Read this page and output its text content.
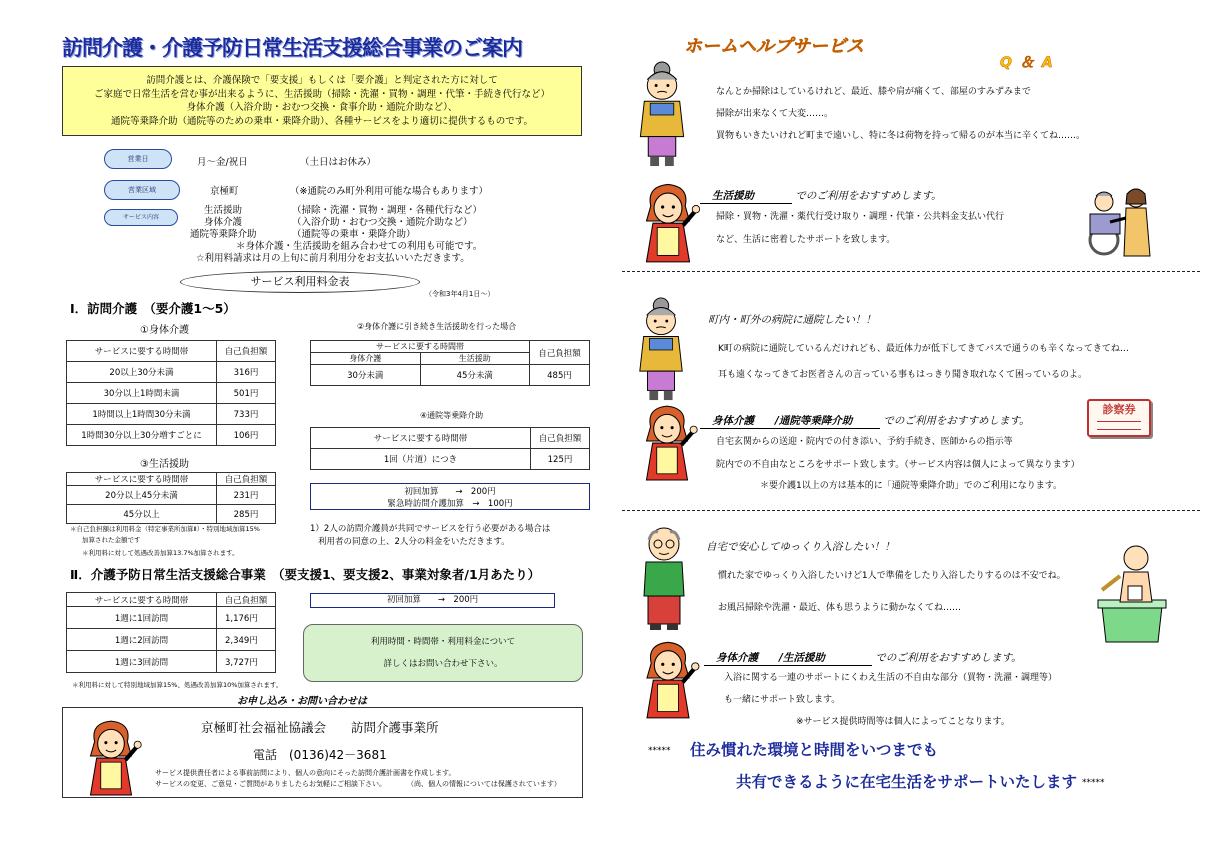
訪問介護・介護予防日常生活支援総合事業のご案内
訪問介護とは、介護保険で「要支援」もしくは「要介護」と判定された方に対して
ご家庭で日常生活を営む事が出来るように、生活援助（掃除・洗濯・買物・調理・代筆・手続き代行など）
身体介護（入浴介助・おむつ交換・食事介助・通院介助など）、
通院等乗降介助（通院等のための乗車・乗降介助）、各種サービスをより適切に提供するものです。
営業日	月～金/祝日	（土日はお休み）
営業区域	京極町	（※通院のみ町外利用可能な場合もあります）
サービス内容
生活援助	（掃除・洗濯・買物・調理・各種代行など）
身体介護	（入浴介助・おむつ交換・通院介助など）
通院等乗降介助	（通院等の乗車・乗降介助）
＊身体介護・生活援助を組み合わせての利用も可能です。
☆利用料請求は月の上旬に前月利用分をお支払いいただきます。
サービス利用料金表
（令和3年4月1日～）
Ⅰ．訪問介護　（要介護1～5）
①身体介護
サービスに要する時間帯	自己負担額
20以上30分未満	316円
30分以上1時間未満	501円
1時間以上1時間30分未満	733円
1時間30分以上30分増すごとに	106円
②身体介護に引き続き生活援助を行った場合
サービスに要する時間帯		自己負担額
身体介護	生活援助	
30分未満	45分未満	485円
③生活援助
サービスに要する時間帯	自己負担額
20分以上45分未満	231円
45分以上	285円
④通院等乗降介助
サービスに要する時間帯	自己負担額
1回（片道）につき	125円
初回加算　　→　200円
緊急時訪問介護加算　→　100円
＊自己負担額は利用料金（特定事業所加算Ⅱ）・特別地域加算15%
加算された金額です
＊利用料に対して処遇改善加算13.7%加算されます。
1）2人の訪問介護員が共同でサービスを行う必要がある場合は
利用者の同意の上、2人分の料金をいただきます。
Ⅱ．介護予防日常生活支援総合事業　（要支援1、要支援2、事業対象者/1月あたり）
サービスに要する時間帯	自己負担額
1週に1回訪問	1,176円
1週に2回訪問	2,349円
1週に3回訪問	3,727円
初回加算　　→　200円
利用時間・時間帯・利用料金について
詳しくはお問い合わせ下さい。
＊利用料に対して特別地域加算15%、処遇改善加算10%加算されます。
お申し込み・お問い合わせは
京極町社会福祉協議会　　訪問介護事業所
電話　(0136)42－3681
サービス提供責任者による事前訪問により、個人の意向にそった訪問介護計画書を作成します。
サービスの変更、ご意見・ご質問がありましたらお気軽にご相談下さい。　　　　（尚、個人の情報については保護されています）
ホームヘルプサービス
Q＆A
なんとか掃除はしているけれど、最近、膝や肩が痛くて、部屋のすみずみまで
掃除が出来なくて大変……。
買物もいきたいけれど町まで遠いし、特に冬は荷物を持って帰るのが本当に辛くてね……。
生活援助	でのご利用をおすすめします。
掃除・買物・洗濯・薬代行受け取り・調理・代筆・公共料金支払い代行
など、生活に密着したサポートを致します。
町内・町外の病院に通院したい！！
K町の病院に通院しているんだけれども、最近体力が低下してきてバスで通うのも辛くなってきてね…
耳も遠くなってきてお医者さんの言っている事もはっきり聞き取れなくて困っているのよ。
身体介護　　/通院等乗降介助	でのご利用をおすすめします。
診察券
自宅玄関からの送迎・院内での付き添い、予約手続き、医師からの指示等
院内での不自由なところをサポート致します。（サービス内容は個人によって異なります）
＊要介護1以上の方は基本的に「通院等乗降介助」でのご利用になります。
自宅で安心してゆっくり入浴したい！！
慣れた家でゆっくり入浴したいけど1人で準備をしたり入浴したりするのは不安でね。
お風呂掃除や洗濯・最近、体も思うように動かなくてね……
身体介護　　/生活援助	でのご利用をおすすめします。
入浴に関する一連のサポートにくわえ生活の不自由な部分（買物・洗濯・調理等）
も一緒にサポート致します。
※サービス提供時間等は個人によってことなります。
***** 住み慣れた環境と時間をいつまでも
共有できるように在宅生活をサポートいたします *****
